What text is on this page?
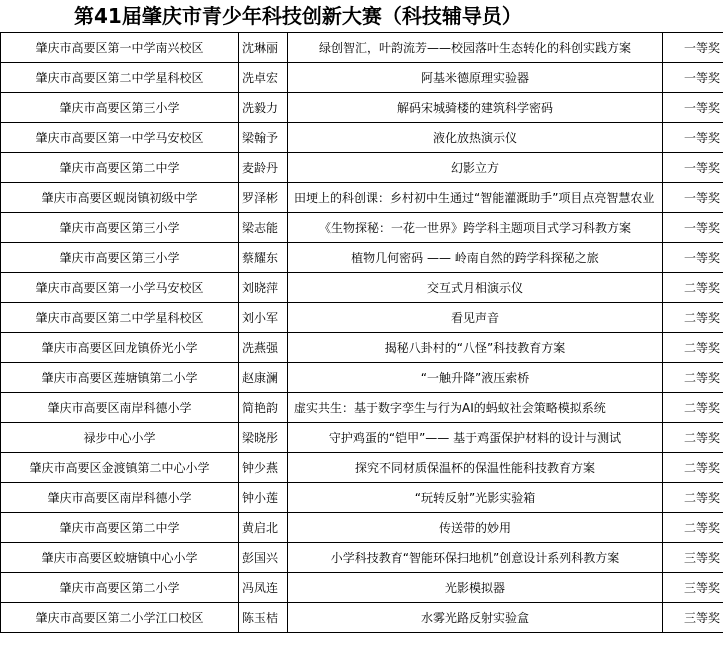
第41届肇庆市青少年科技创新大赛（科技辅导员）
肇庆市高要区第一中学南兴校区	沈琳丽	绿创智汇，叶韵流芳——校园落叶生态转化的科创实践方案	一等奖
肇庆市高要区第二中学星科校区	冼卓宏	阿基米德原理实验器	一等奖
肇庆市高要区第三小学	冼毅力	解码宋城骑楼的建筑科学密码	一等奖
肇庆市高要区第一中学马安校区	梁翰予	液化放热演示仪	一等奖
肇庆市高要区第二中学	麦龄丹	幻影立方	一等奖
肇庆市高要区蚬岗镇初级中学	罗泽彬	田埂上的科创课：乡村初中生通过“智能灌溉助手”项目点亮智慧农业	一等奖
肇庆市高要区第三小学	梁志能	《生物探秘：一花一世界》跨学科主题项目式学习科教方案	一等奖
肇庆市高要区第三小学	蔡耀东	植物几何密码 —— 岭南自然的跨学科探秘之旅	一等奖
肇庆市高要区第一小学马安校区	刘晓萍	交互式月相演示仪	二等奖
肇庆市高要区第二中学星科校区	刘小军	看见声音	二等奖
肇庆市高要区回龙镇侨光小学	冼燕强	揭秘八卦村的“八怪”科技教育方案	二等奖
肇庆市高要区莲塘镇第二小学	赵康澜	“一触升降”液压索桥	二等奖
肇庆市高要区南岸科德小学	简艳韵	虚实共生：基于数字孪生与行为AI的蚂蚁社会策略模拟系统	二等奖
禄步中心小学	梁晓彤	守护鸡蛋的“铠甲”—— 基于鸡蛋保护材料的设计与测试	二等奖
肇庆市高要区金渡镇第二中心小学	钟少燕	探究不同材质保温杯的保温性能科技教育方案	二等奖
肇庆市高要区南岸科德小学	钟小莲	“玩转反射”光影实验箱	二等奖
肇庆市高要区第二中学	黄启北	传送带的妙用	二等奖
肇庆市高要区蛟塘镇中心小学	彭国兴	小学科技教育“智能环保扫地机”创意设计系列科教方案	三等奖
肇庆市高要区第二小学	冯凤连	光影模拟器	三等奖
肇庆市高要区第二小学江口校区	陈玉桔	水雾光路反射实验盒	三等奖
